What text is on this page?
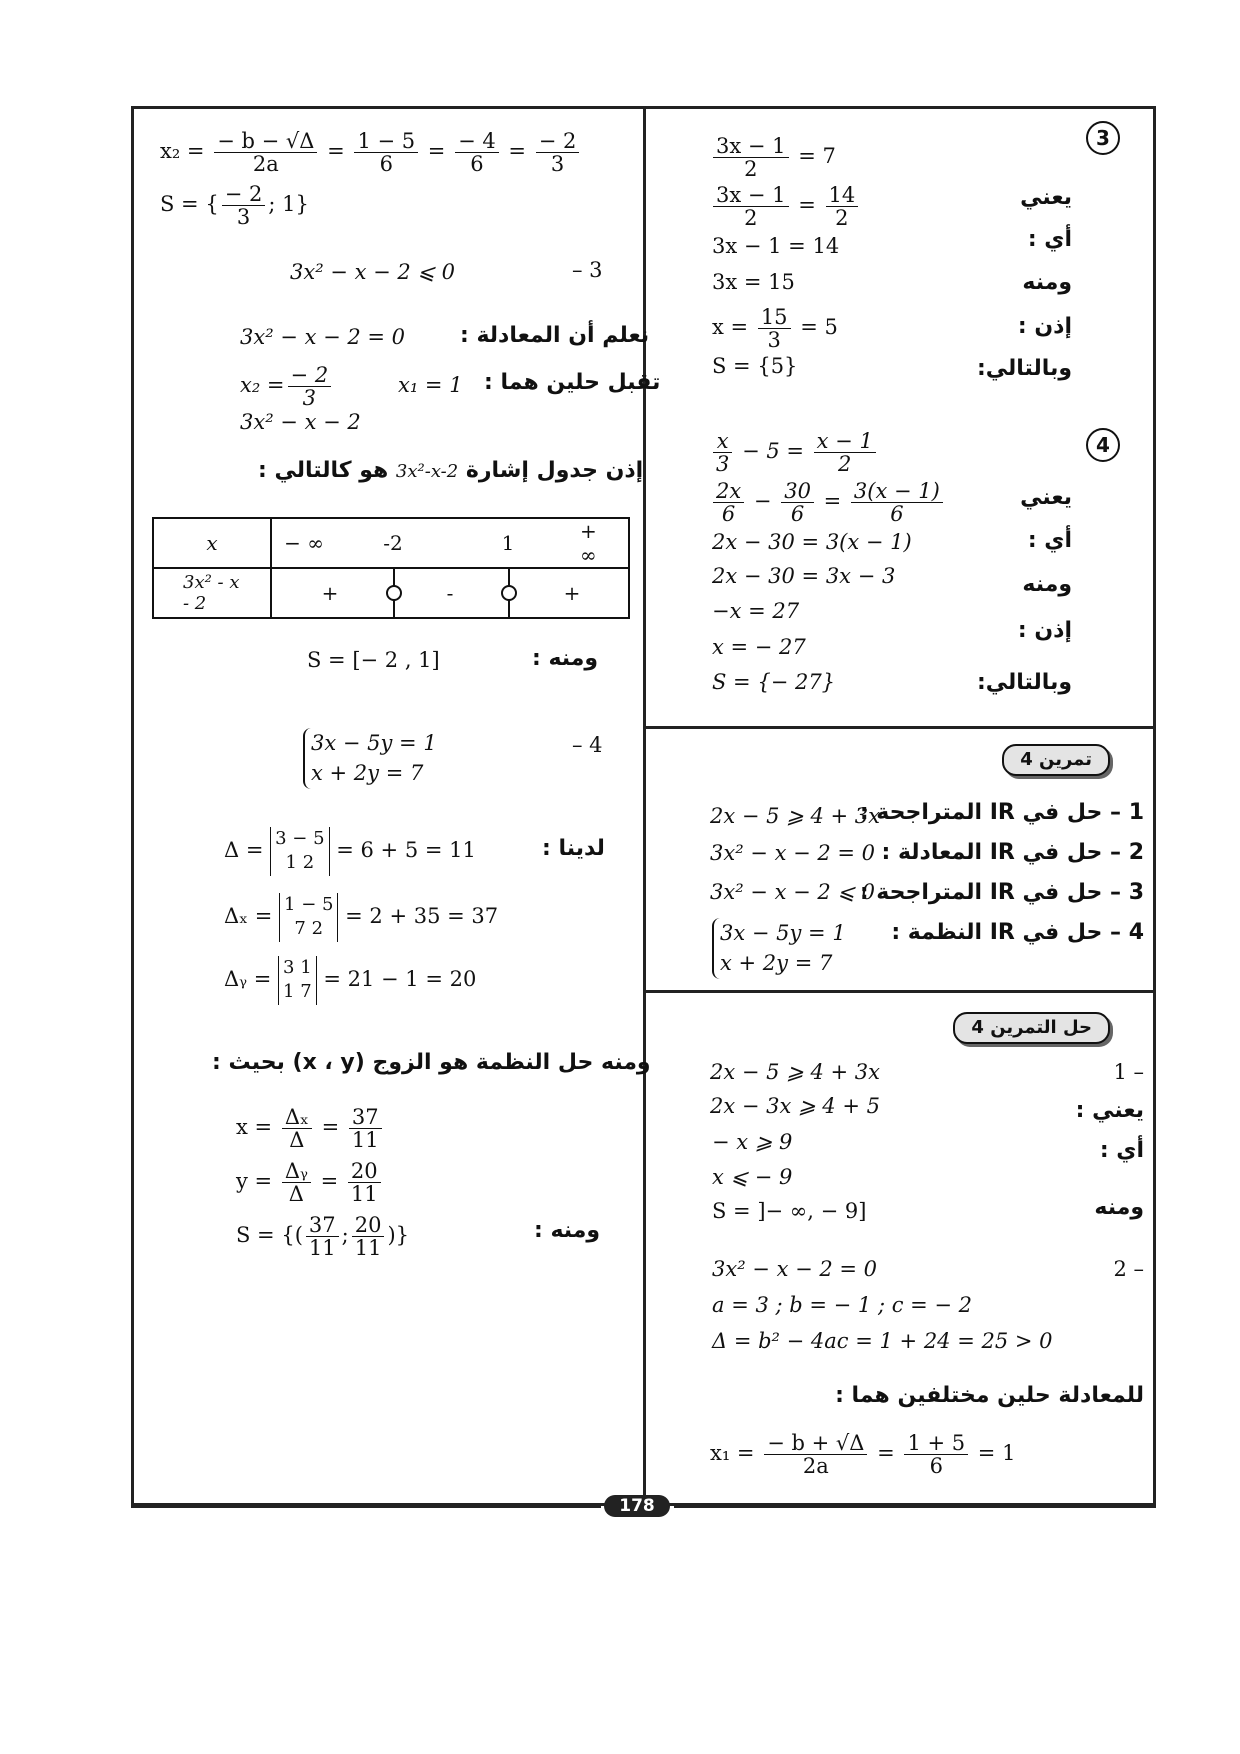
3
$\frac{3x - 1}{2} = 7$
يعني
$\frac{3x - 1}{2} = \frac{14}{2}$
أي :
3x − 1 = 14
ومنه
3x = 15
إذن :
$x = \frac{15}{3} = 5$
وبالتالي:
S = {5}
4
$\frac{x}{3} - 5 = \frac{x - 1}{2}$
يعني
$\frac{2x}{6} - \frac{30}{6} = \frac{3(x - 1)}{6}$
أي :
2x − 30 = 3(x − 1)
ومنه
2x − 30 = 3x − 3
إذن :
−x = 27
x = − 27
وبالتالي:
S = {− 27}
تمرين 4
1 – حل في IR المتراجحة :
2x − 5 ⩾ 4 + 3x
2 – حل في IR المعادلة :
3x² − x − 2 = 0
3 – حل في IR المتراجحة :
3x² − x − 2 ⩽ 0
4 – حل في IR النظمة :
3x − 5y = 1
x + 2y = 7
حل التمرين 4
1 –
2x − 5 ⩾ 4 + 3x
يعني :
2x − 3x ⩾ 4 + 5
أي :
− x ⩾ 9
x ⩽ − 9
ومنه
S = ]− ∞, − 9]
2 –
3x² − x − 2 = 0
a = 3 ; b = − 1 ; c = − 2
Δ = b² − 4ac = 1 + 24 = 25 > 0
للمعادلة حلين مختلفين هما :
$x_1 = \frac{- b + √\Delta}{2a} = \frac{1 + 5}{6} = 1$
$x_2 = \frac{- b - √\Delta}{2a} = \frac{1 - 5}{6} = \frac{- 4}{6} = \frac{- 2}{3}$
S = { $\frac{- 2}{3}$ ; 1}
– 3
3x² − x − 2 ⩽ 0
نعلم أن المعادلة :
3x² − x − 2 = 0
تقبل حلين هما :
x₁ = 1
$x_2 = \frac{- 2}{3}$
3x² − x − 2
إذن جدول إشارة 3x²-x-2 هو كالتالي :
x	− ∞ -2 1 + ∞

3x² - x - 2	+ - +
ومنه :
S = [− 2 , 1]
– 4
3x − 5y = 1
x + 2y = 7
لدينا :
Δ = 3 − 5
1 2
= 6 + 5 = 11
Δₓ = 1 − 5
7 2
= 2 + 35 = 37
Δᵧ = 3 1
1 7
= 21 − 1 = 20
ومنه حل النظمة هو الزوج (x ، y) بحيث :
$x = \frac{\text{Δₓ}}{\Delta} = \frac{37}{11}$
$y = \frac{\text{Δᵧ}}{\Delta} = \frac{20}{11}$
ومنه :
S = {( $\frac{37}{11}$ ; $\frac{20}{11}$ )}
178
